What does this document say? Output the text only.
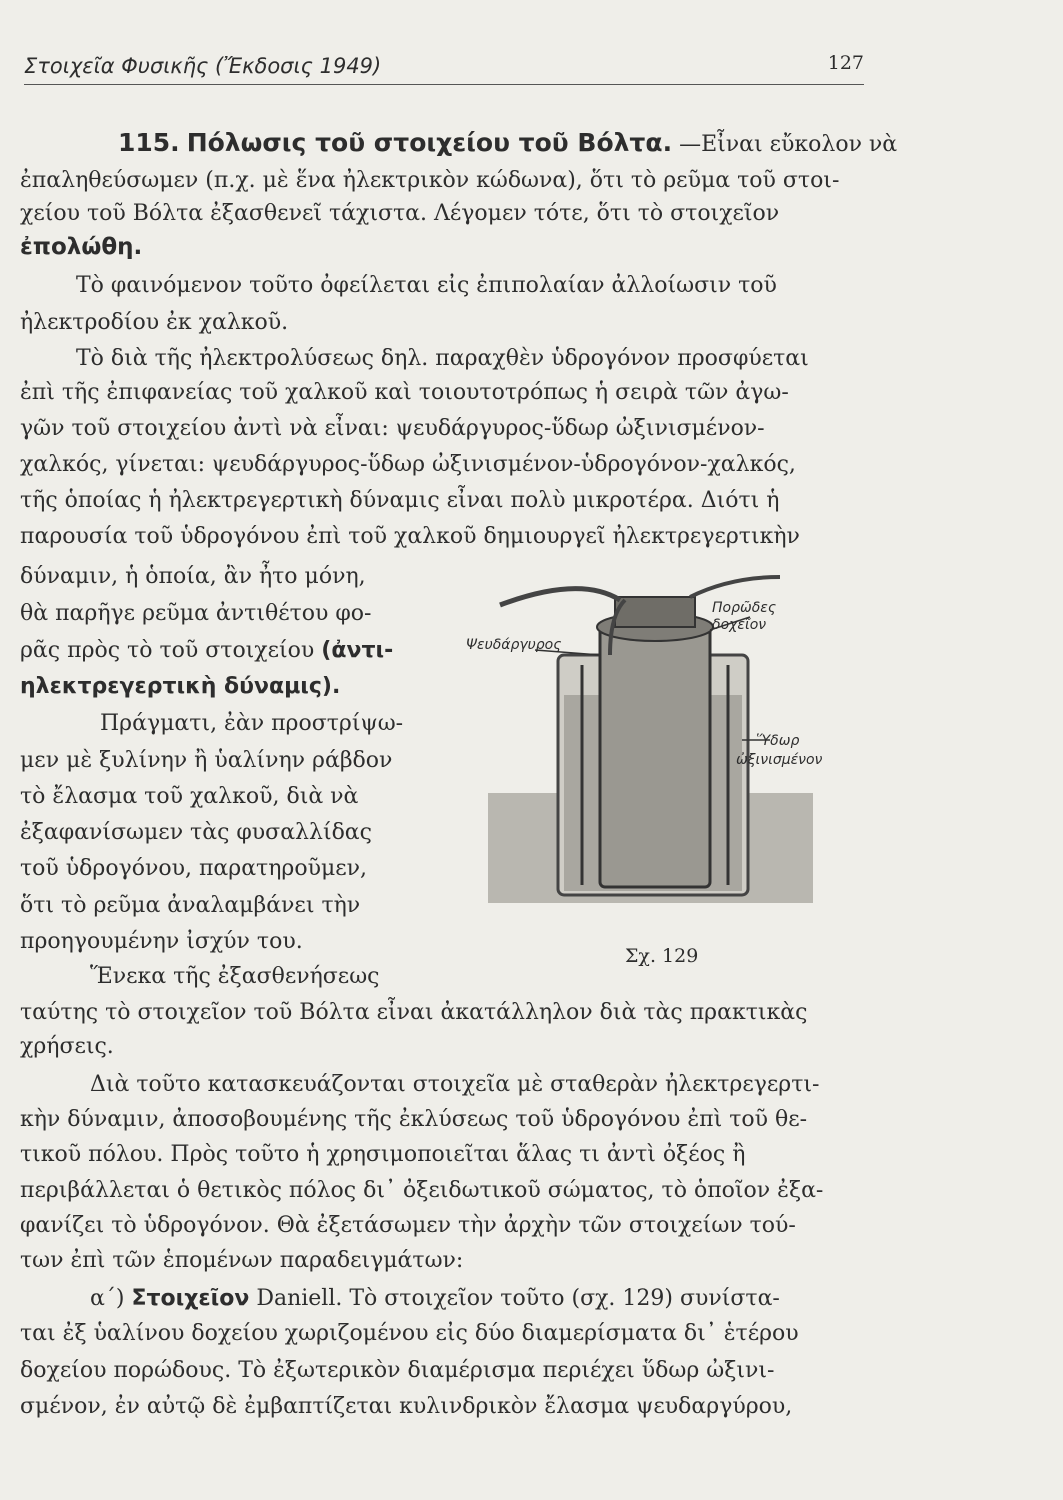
Στοιχεῖα Φυσικῆς (Ἔκδοσις 1949)	127
115. Πόλωσις τοῦ στοιχείου τοῦ Βόλτα. —Εἶναι εὔκολον νὰ
ἐπαληθεύσωμεν (π.χ. μὲ ἕνα ἠλεκτρικὸν κώδωνα), ὅτι τὸ ρεῦμα τοῦ στοι-
χείου τοῦ Βόλτα ἐξασθενεῖ τάχιστα. Λέγομεν τότε, ὅτι τὸ στοιχεῖον
ἐπολώθη.
Τὸ φαινόμενον τοῦτο ὀφείλεται εἰς ἐπιπολαίαν ἀλλοίωσιν τοῦ
ἠλεκτροδίου ἐκ χαλκοῦ.
Τὸ διὰ τῆς ἠλεκτρολύσεως δηλ. παραχθὲν ὑδρογόνον προσφύεται
ἐπὶ τῆς ἐπιφανείας τοῦ χαλκοῦ καὶ τοιουτοτρόπως ἡ σειρὰ τῶν ἀγω-
γῶν τοῦ στοιχείου ἀντὶ νὰ εἶναι: ψευδάργυρος-ὕδωρ ὠξινισμένον-
χαλκός, γίνεται: ψευδάργυρος-ὕδωρ ὠξινισμένον-ὑδρογόνον-χαλκός,
τῆς ὁποίας ἡ ἠλεκτρεγερτικὴ δύναμις εἶναι πολὺ μικροτέρα. Διότι ἡ
παρουσία τοῦ ὑδρογόνου ἐπὶ τοῦ χαλκοῦ δημιουργεῖ ἠλεκτρεγερτικὴν
δύναμιν, ἡ ὁποία, ἂν ἦτο μόνη,
θὰ παρῆγε ρεῦμα ἀντιθέτου φο-
ρᾶς πρὸς τὸ τοῦ στοιχείου (ἀντι-
ηλεκτρεγερτικὴ δύναμις).
Πράγματι, ἐὰν προστρίψω-
μεν μὲ ξυλίνην ἢ ὑαλίνην ράβδον
τὸ ἔλασμα τοῦ χαλκοῦ, διὰ νὰ
ἐξαφανίσωμεν τὰς φυσαλλίδας
τοῦ ὑδρογόνου, παρατηροῦμεν,
ὅτι τὸ ρεῦμα ἀναλαμβάνει τὴν
προηγουμένην ἰσχύν του.
Ἕνεκα τῆς ἐξασθενήσεως
ταύτης τὸ στοιχεῖον τοῦ Βόλτα εἶναι ἀκατάλληλον διὰ τὰς πρακτικὰς
χρήσεις.
Διὰ τοῦτο κατασκευάζονται στοιχεῖα μὲ σταθερὰν ἠλεκτρεγερτι-
κὴν δύναμιν, ἀποσοβουμένης τῆς ἐκλύσεως τοῦ ὑδρογόνου ἐπὶ τοῦ θε-
τικοῦ πόλου. Πρὸς τοῦτο ἡ χρησιμοποιεῖται ἅλας τι ἀντὶ ὀξέος ἢ
περιβάλλεται ὁ θετικὸς πόλος δι᾿ ὀξειδωτικοῦ σώματος, τὸ ὁποῖον ἐξα-
φανίζει τὸ ὑδρογόνον. Θὰ ἐξετάσωμεν τὴν ἀρχὴν τῶν στοιχείων τού-
των ἐπὶ τῶν ἑπομένων παραδειγμάτων:
α´) Στοιχεῖον Daniell. Τὸ στοιχεῖον τοῦτο (σχ. 129) συνίστα-
ται ἐξ ὑαλίνου δοχείου χωριζομένου εἰς δύο διαμερίσματα δι᾿ ἑτέρου
δοχείου πορώδους. Τὸ ἐξωτερικὸν διαμέρισμα περιέχει ὕδωρ ὠξινι-
σμένον, ἐν αὐτῷ δὲ ἐμβαπτίζεται κυλινδρικὸν ἔλασμα ψευδαργύρου,
Ψευδάργυρος
Πορῶδες
δοχεῖον
Ὕδωρ
ὠξινισμένον
Σχ. 129
